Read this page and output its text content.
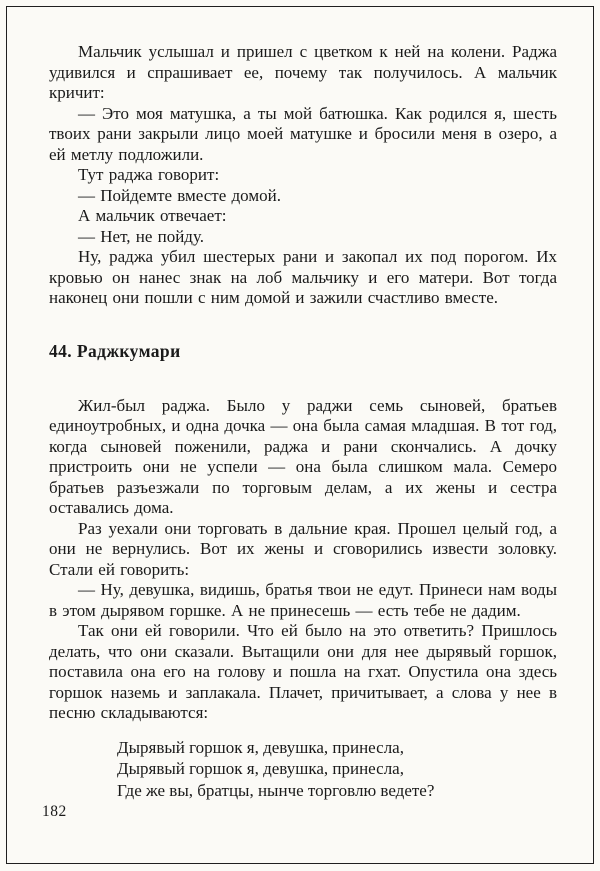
Мальчик услышал и пришел с цветком к ней на колени. Раджа удивился и спрашивает ее, почему так получилось. А мальчик кричит:

— Это моя матушка, а ты мой батюшка. Как родился я, шесть твоих рани закрыли лицо моей матушке и бросили меня в озеро, а ей метлу подложили.

Тут раджа говорит:

— Пойдемте вместе домой.

А мальчик отвечает:

— Нет, не пойду.

Ну, раджа убил шестерых рани и закопал их под порогом. Их кровью он нанес знак на лоб мальчику и его матери. Вот тогда наконец они пошли с ним домой и зажили счастливо вместе.

44. Раджкумари

Жил-был раджа. Было у раджи семь сыновей, братьев единоутробных, и одна дочка — она была самая младшая. В тот год, когда сыновей поженили, раджа и рани скончались. А дочку пристроить они не успели — она была слишком мала. Семеро братьев разъезжали по торговым делам, а их жены и сестра оставались дома.

Раз уехали они торговать в дальние края. Прошел целый год, а они не вернулись. Вот их жены и сговорились извести золовку. Стали ей говорить:

— Ну, девушка, видишь, братья твои не едут. Принеси нам воды в этом дырявом горшке. А не принесешь — есть тебе не дадим.

Так они ей говорили. Что ей было на это ответить? Пришлось делать, что они сказали. Вытащили они для нее дырявый горшок, поставила она его на голову и пошла на гхат. Опустила она здесь горшок наземь и заплакала. Плачет, причитывает, а слова у нее в песню складываются:

Дырявый горшок я, девушка, принесла,
Дырявый горшок я, девушка, принесла,
Где же вы, братцы, нынче торговлю ведете?
182
